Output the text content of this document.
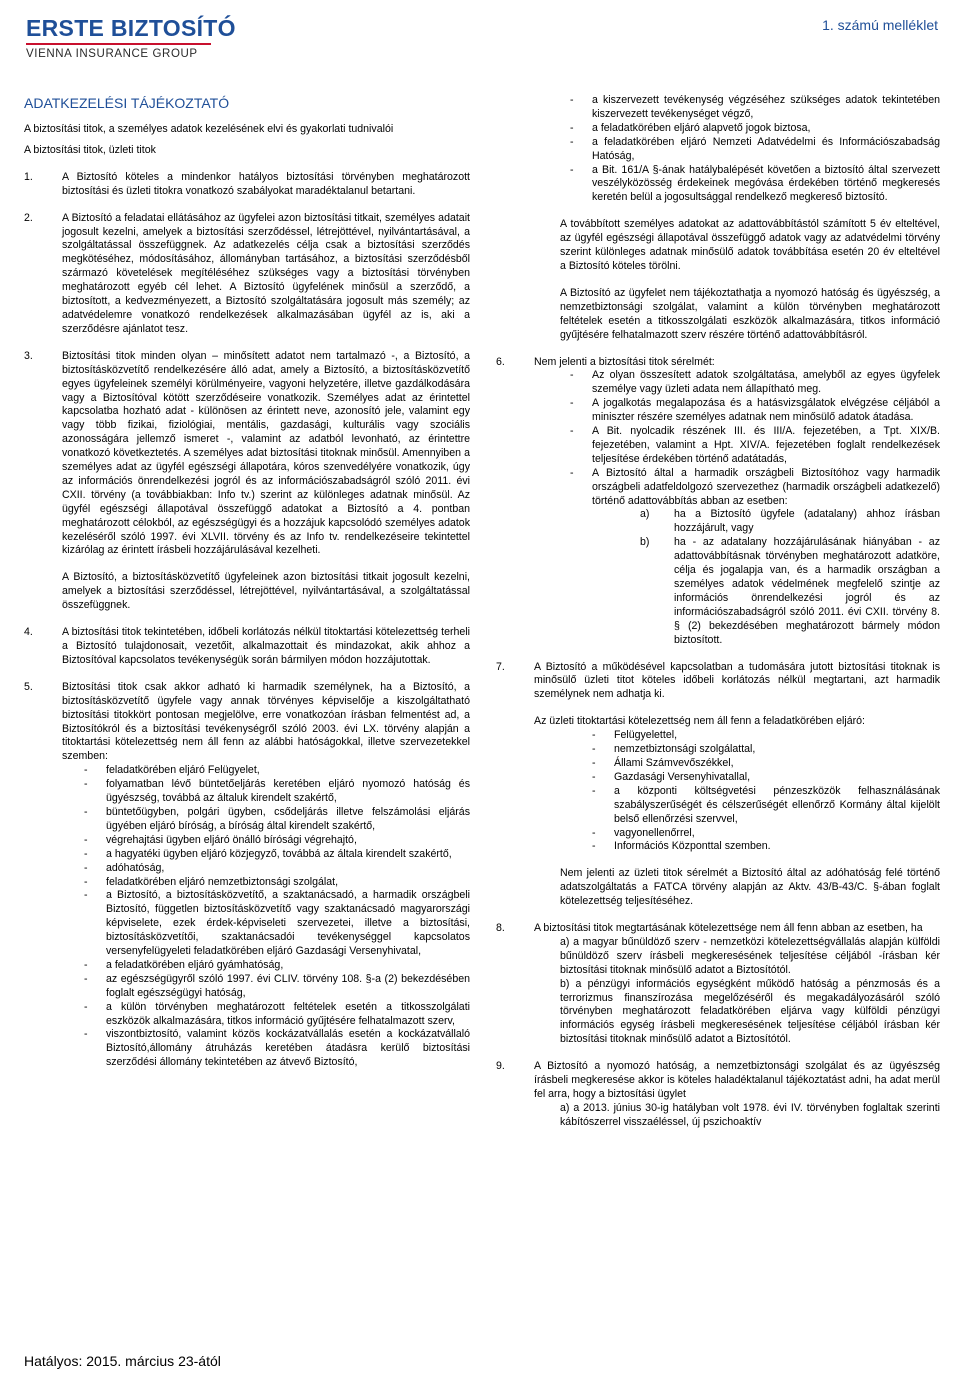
ERSTE BIZTOSÍTÓ
VIENNA INSURANCE GROUP
1. számú melléklet
ADATKEZELÉSI TÁJÉKOZTATÓ

A biztosítási titok, a személyes adatok kezelésének elvi és gyakorlati tudnivalói

A biztosítási titok, üzleti titok

1.	A Biztosító köteles a mindenkor hatályos biztosítási törvényben meghatározott biztosítási és üzleti titokra vonatkozó szabályokat maradéktalanul betartani.
2.	A Biztosító a feladatai ellátásához az ügyfelei azon biztosítási titkait, személyes adatait jogosult kezelni, amelyek a biztosítási szerződéssel, létrejöttével, nyilvántartásával, a szolgáltatással összefüggnek. Az adatkezelés célja csak a biztosítási szerződés megkötéséhez, módosításához, állományban tartásához, a biztosítási szerződésből származó követelések megítéléséhez szükséges vagy a biztosítási törvényben meghatározott egyéb cél lehet. A Biztosító ügyfelének minősül a szerződő, a biztosított, a kedvezményezett, a Biztosító szolgáltatására jogosult más személy; az adatvédelemre vonatkozó rendelkezések alkalmazásában ügyfél az is, aki a szerződésre ajánlatot tesz.
3.	Biztosítási titok minden olyan – minősített adatot nem tartalmazó -, a Biztosító, a biztosításközvetítő rendelkezésére álló adat, amely a Biztosító, a biztosításközvetítő egyes ügyfeleinek személyi körülményeire, vagyoni helyzetére, illetve gazdálkodására vagy a Biztosítóval kötött szerződéseire vonatkozik. Személyes adat az érintettel kapcsolatba hozható adat - különösen az érintett neve, azonosító jele, valamint egy vagy több fizikai, fiziológiai, mentális, gazdasági, kulturális vagy szociális azonosságára jellemző ismeret -, valamint az adatból levonható, az érintettre vonatkozó következtetés. A személyes adat biztosítási titoknak minősül. Amennyiben a személyes adat az ügyfél egészségi állapotára, kóros szenvedélyére vonatkozik, úgy az információs önrendelkezési jogról és az információszabadságról szóló 2011. évi CXII. törvény (a továbbiakban: Info tv.) szerint az különleges adatnak minősül. Az ügyfél egészségi állapotával összefüggő adatokat a Biztosító a 4. pontban meghatározott célokból, az egészségügyi és a hozzájuk kapcsolódó személyes adatok kezeléséről szóló 1997. évi XLVII. törvény és az Info tv. rendelkezéseire tekintettel kizárólag az érintett írásbeli hozzájárulásával kezelheti.

A Biztosító, a biztosításközvetítő ügyfeleinek azon biztosítási titkait jogosult kezelni, amelyek a biztosítási szerződéssel, létrejöttével, nyilvántartásával, a szolgáltatással összefüggnek.

4.	A biztosítási titok tekintetében, időbeli korlátozás nélkül titoktartási kötelezettség terheli a Biztosító tulajdonosait, vezetőit, alkalmazottait és mindazokat, akik ahhoz a Biztosítóval kapcsolatos tevékenységük során bármilyen módon hozzájutottak.
5.	Biztosítási titok csak akkor adható ki harmadik személynek, ha a Biztosító, a biztosításközvetítő ügyfele vagy annak törvényes képviselője a kiszolgáltatható biztosítási titokkört pontosan megjelölve, erre vonatkozóan írásban felmentést ad, a Biztosítókról és a biztosítási tevékenységről szóló 2003. évi LX. törvény alapján a titoktartási kötelezettség nem áll fenn az alábbi hatóságokkal, illetve szervezetekkel szemben:
-	feladatkörében eljáró Felügyelet,
-	folyamatban lévő büntetőeljárás keretében eljáró nyomozó hatóság és ügyészség, továbbá az általuk kirendelt szakértő,
-	büntetőügyben, polgári ügyben, csődeljárás illetve felszámolási eljárás ügyében eljáró bíróság, a bíróság által kirendelt szakértő,
-	végrehajtási ügyben eljáró önálló bírósági végrehajtó,
-	a hagyatéki ügyben eljáró közjegyző, továbbá az általa kirendelt szakértő,
-	adóhatóság,
-	feladatkörében eljáró nemzetbiztonsági szolgálat,
-	a Biztosító, a biztosításközvetítő, a szaktanácsadó, a harmadik országbeli Biztosító, független biztosításközvetítő vagy szaktanácsadó magyarországi képviselete, ezek érdek-képviseleti szervezetei, illetve a biztosítási, biztosításközvetítői, szaktanácsadói tevékenységgel kapcsolatos versenyfelügyeleti feladatkörében eljáró Gazdasági Versenyhivatal,
-	a feladatkörében eljáró gyámhatóság,
-	az egészségügyről szóló 1997. évi CLIV. törvény 108. §-a (2) bekezdésében foglalt egészségügyi hatóság,
-	a külön törvényben meghatározott feltételek esetén a titkosszolgálati eszközök alkalmazására, titkos információ gyűjtésére felhatalmazott szerv,
-	viszontbiztosító, valamint közös kockázatvállalás esetén a kockázatvállaló Biztosító,állomány átruházás keretében átadásra kerülő biztosítási szerződési állomány tekintetében az átvevő Biztosító,
-	a kiszervezett tevékenység végzéséhez szükséges adatok tekintetében kiszervezett tevékenységet végző,
-	a feladatkörében eljáró alapvető jogok biztosa,
-	a feladatkörében eljáró Nemzeti Adatvédelmi és Információszabadság Hatóság,
-	a Bit. 161/A §-ának hatálybalépését követően a biztosító által szervezett veszélyközösség érdekeinek megóvása érdekében történő megkeresés keretén belül a jogosultsággal rendelkező megkereső biztosító.

A továbbított személyes adatokat az adattovábbítástól számított 5 év elteltével, az ügyfél egészségi állapotával összefüggő adatok vagy az adatvédelmi törvény szerint különleges adatnak minősülő adatok továbbítása esetén 20 év elteltével a Biztosító köteles törölni.

A Biztosító az ügyfelet nem tájékoztathatja a nyomozó hatóság és ügyészség, a nemzetbiztonsági szolgálat, valamint a külön törvényben meghatározott feltételek esetén a titkosszolgálati eszközök alkalmazására, titkos információ gyűjtésére felhatalmazott szerv részére történő adattovábbításról.

6.	Nem jelenti a biztosítási titok sérelmét:
-	Az olyan összesített adatok szolgáltatása, amelyből az egyes ügyfelek személye vagy üzleti adata nem állapítható meg.
-	A jogalkotás megalapozása és a hatásvizsgálatok elvégzése céljából a miniszter részére személyes adatnak nem minősülő adatok átadása.
-	A Bit. nyolcadik részének III. és III/A. fejezetében, a Tpt. XIX/B. fejezetében, valamint a Hpt. XIV/A. fejezetében foglalt rendelkezések teljesítése érdekében történő adatátadás,
-	A Biztosító által a harmadik országbeli Biztosítóhoz vagy harmadik országbeli adatfeldolgozó szervezethez (harmadik országbeli adatkezelő) történő adattovábbítás abban az esetben:
a)	ha a Biztosító ügyfele (adatalany) ahhoz írásban hozzájárult, vagy
b)	ha - az adatalany hozzájárulásának hiányában - az adattovábbításnak törvényben meghatározott adatköre, célja és jogalapja van, és a harmadik országban a személyes adatok védelmének megfelelő szintje az információs önrendelkezési jogról és az információszabadságról szóló 2011. évi CXII. törvény 8. § (2) bekezdésében meghatározott bármely módon biztosított.
7.	A Biztosító a működésével kapcsolatban a tudomására jutott biztosítási titoknak is minősülő üzleti titot köteles időbeli korlátozás nélkül megtartani, azt harmadik személynek nem adhatja ki.

Az üzleti titoktartási kötelezettség nem áll fenn a feladatkörében eljáró:

-	Felügyelettel,
-	nemzetbiztonsági szolgálattal,
-	Állami Számvevőszékkel,
-	Gazdasági Versenyhivatallal,
-	a központi költségvetési pénzeszközök felhasználásának szabályszerűségét és célszerűségét ellenőrző Kormány által kijelölt belső ellenőrzési szervvel,
-	vagyonellenőrrel,
-	Információs Központtal szemben.

Nem jelenti az üzleti titok sérelmét a Biztosító által az adóhatóság felé történő adatszolgáltatás a FATCA törvény alapján az Aktv. 43/B-43/C. §-ában foglalt kötelezettség teljesítéséhez.

8.	A biztosítási titok megtartásának kötelezettsége nem áll fenn abban az esetben, ha

a) a magyar bűnüldöző szerv - nemzetközi kötelezettségvállalás alapján külföldi bűnüldöző szerv írásbeli megkeresésének teljesítése céljából -írásban kér biztosítási titoknak minősülő adatot a Biztosítótól.

b) a pénzügyi információs egységként működő hatóság a pénzmosás és a terrorizmus finanszírozása megelőzéséről és megakadályozásáról szóló törvényben meghatározott feladatkörében eljárva vagy külföldi pénzügyi információs egység írásbeli megkeresésének teljesítése céljából írásban kér biztosítási titoknak minősülő adatot a Biztosítótól.

9.	A Biztosító a nyomozó hatóság, a nemzetbiztonsági szolgálat és az ügyészség írásbeli megkeresése akkor is köteles haladéktalanul tájékoztatást adni, ha adat merül fel arra, hogy a biztosítási ügylet

a) a 2013. június 30-ig hatályban volt 1978. évi IV. törvényben foglaltak szerinti kábítószerrel visszaéléssel, új pszichoaktív

Hatályos: 2015. március 23-ától
